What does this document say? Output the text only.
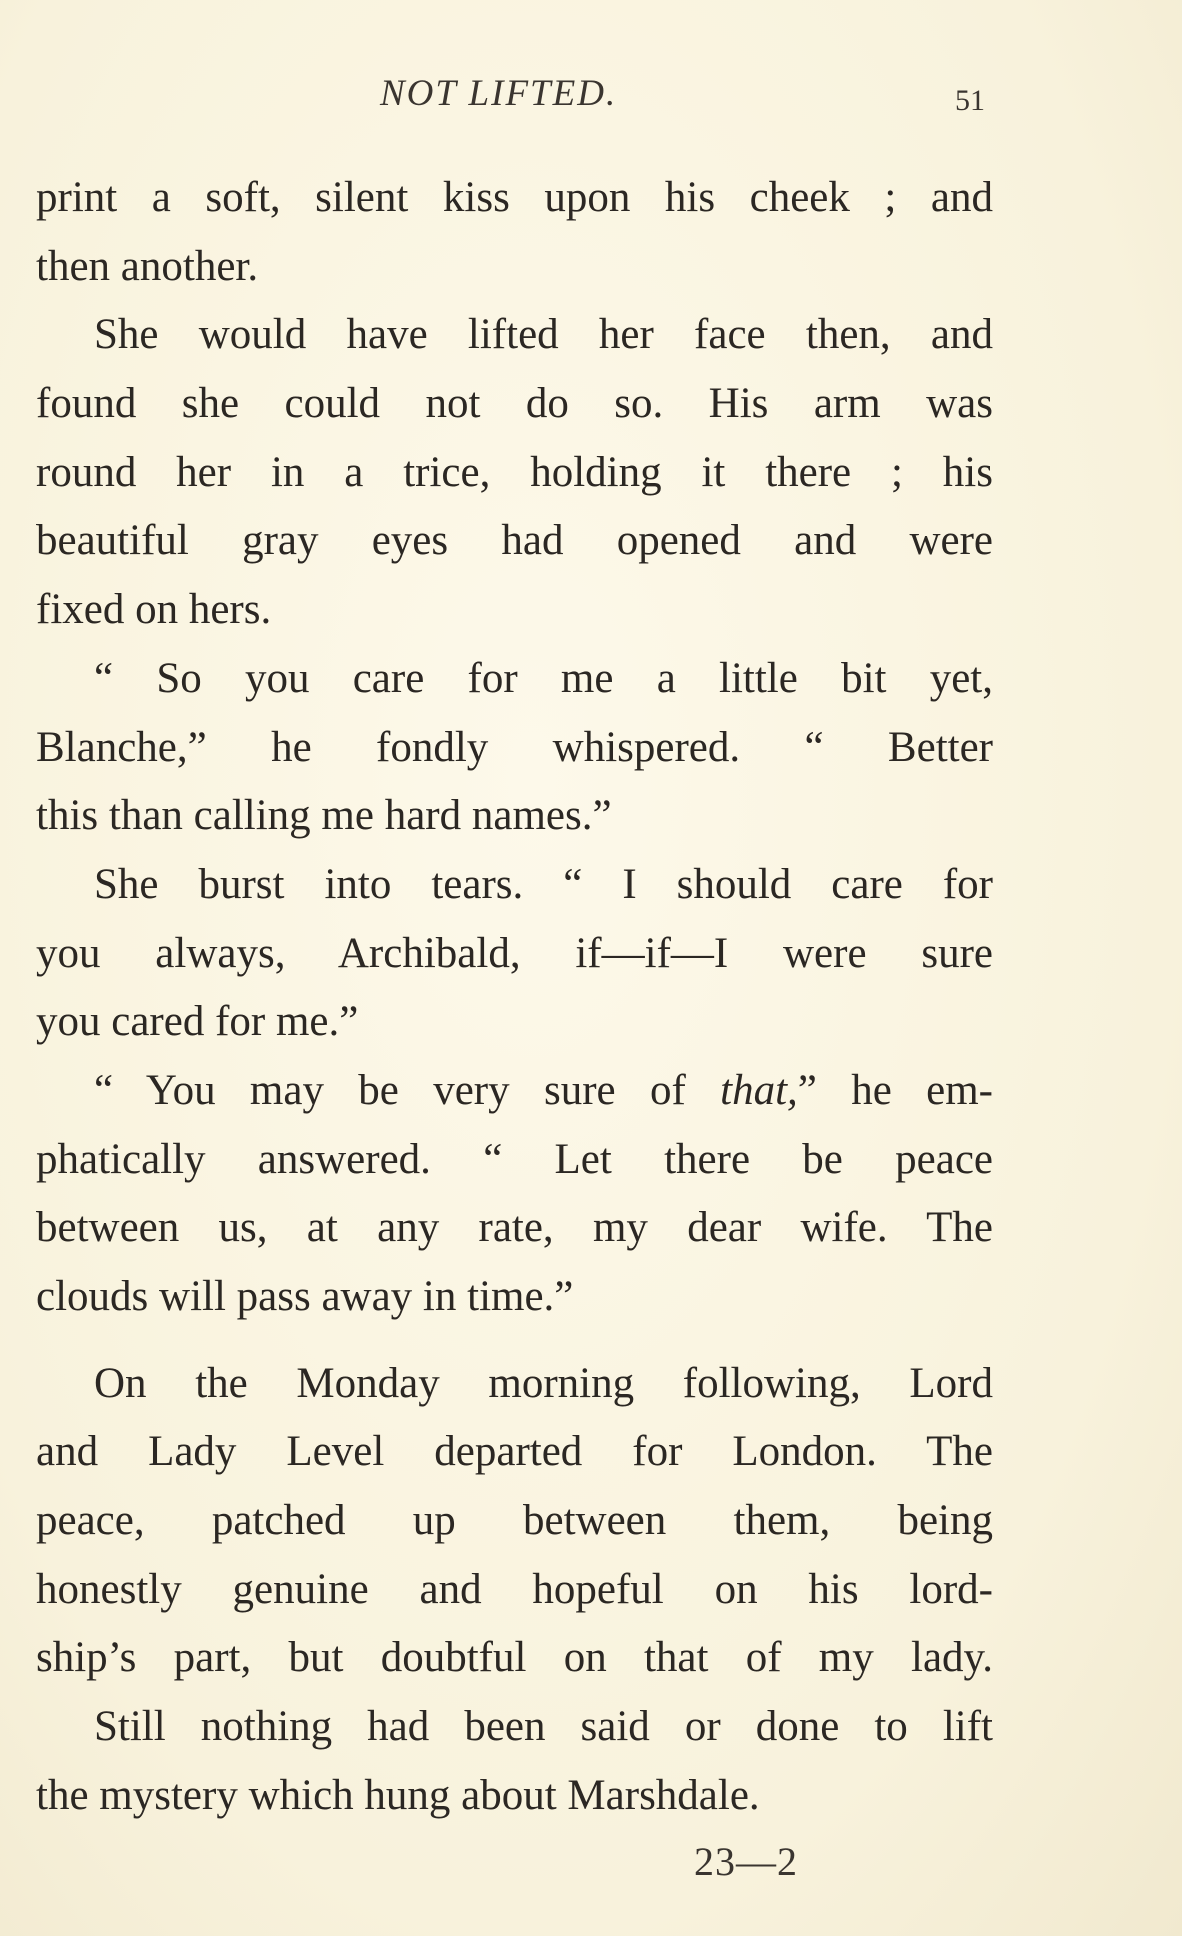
NOT LIFTED.	51
print a soft, silent kiss upon his cheek ; and
then another.
She would have lifted her face then, and
found she could not do so. His arm was
round her in a trice, holding it there ; his
beautiful gray eyes had opened and were
fixed on hers.
“ So you care for me a little bit yet,
Blanche,” he fondly whispered. “ Better
this than calling me hard names.”
She burst into tears. “ I should care for
you always, Archibald, if—if—I were sure
you cared for me.”
“ You may be very sure of that,” he em-
phatically answered. “ Let there be peace
between us, at any rate, my dear wife. The
clouds will pass away in time.”
On the Monday morning following, Lord
and Lady Level departed for London. The
peace, patched up between them, being
honestly genuine and hopeful on his lord-
ship’s part, but doubtful on that of my lady.
Still nothing had been said or done to lift
the mystery which hung about Marshdale.
23—2
